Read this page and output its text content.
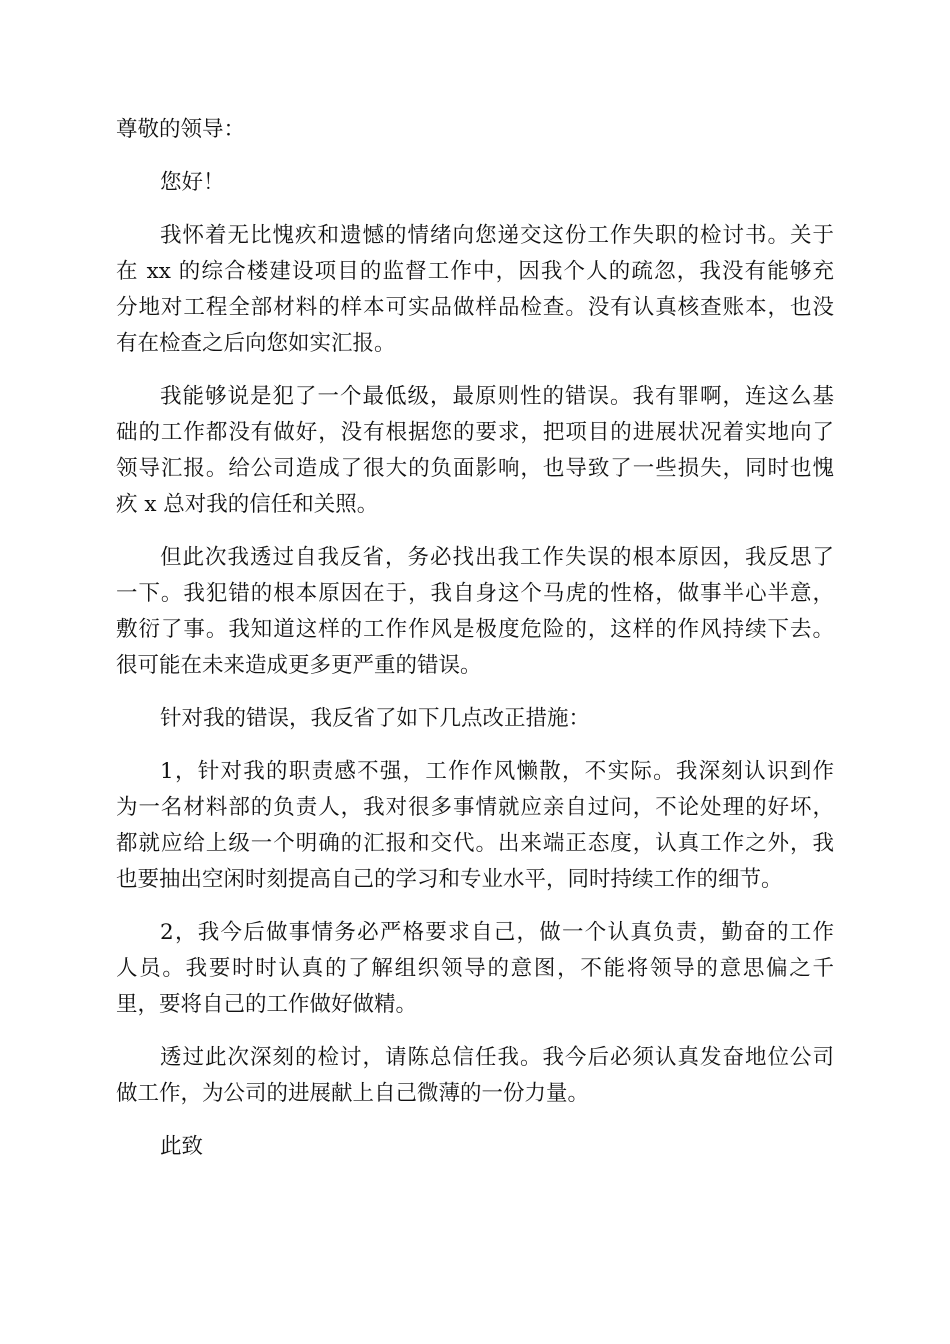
尊敬的领导：

您好！

我怀着无比愧疚和遗憾的情绪向您递交这份工作失职的检讨书。关于

在 xx 的综合楼建设项目的监督工作中，因我个人的疏忽，我没有能够充

分地对工程全部材料的样本可实品做样品检查。没有认真核查账本，也没

有在检查之后向您如实汇报。

我能够说是犯了一个最低级，最原则性的错误。我有罪啊，连这么基

础的工作都没有做好，没有根据您的要求，把项目的进展状况着实地向了

领导汇报。给公司造成了很大的负面影响，也导致了一些损失，同时也愧

疚 x 总对我的信任和关照。

但此次我透过自我反省，务必找出我工作失误的根本原因，我反思了

一下。我犯错的根本原因在于，我自身这个马虎的性格，做事半心半意，

敷衍了事。我知道这样的工作作风是极度危险的，这样的作风持续下去。

很可能在未来造成更多更严重的错误。

针对我的错误，我反省了如下几点改正措施：

1，针对我的职责感不强，工作作风懒散，不实际。我深刻认识到作

为一名材料部的负责人，我对很多事情就应亲自过问，不论处理的好坏，

都就应给上级一个明确的汇报和交代。出来端正态度，认真工作之外，我

也要抽出空闲时刻提高自己的学习和专业水平，同时持续工作的细节。

2，我今后做事情务必严格要求自己，做一个认真负责，勤奋的工作

人员。我要时时认真的了解组织领导的意图，不能将领导的意思偏之千

里，要将自己的工作做好做精。

透过此次深刻的检讨，请陈总信任我。我今后必须认真发奋地位公司

做工作，为公司的进展献上自己微薄的一份力量。

此致
